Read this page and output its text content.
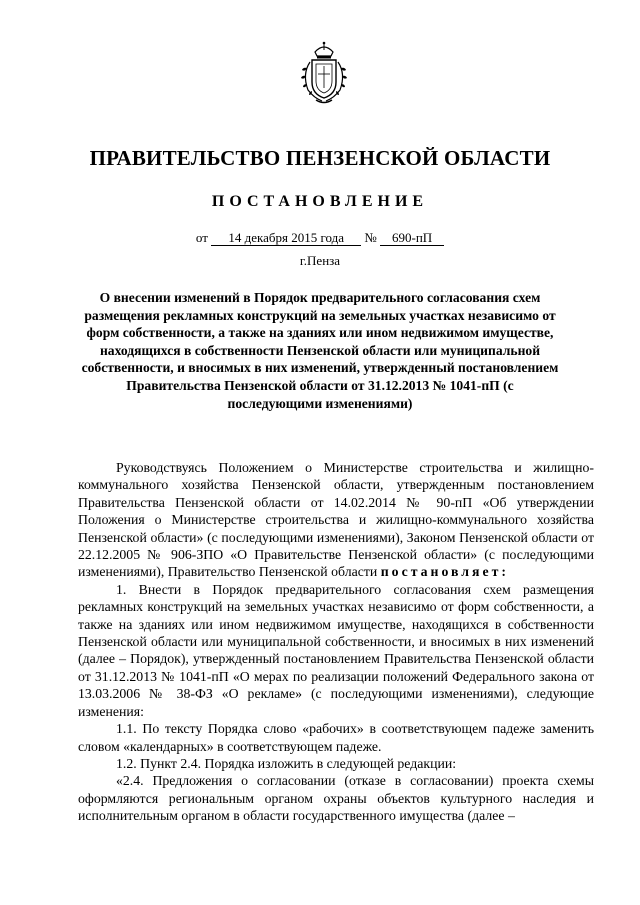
ПРАВИТЕЛЬСТВО ПЕНЗЕНСКОЙ ОБЛАСТИ
ПОСТАНОВЛЕНИЕ
от 14 декабря 2015 года № 690-пП
г.Пенза
О внесении изменений в Порядок предварительного согласования схем размещения рекламных конструкций на земельных участках независимо от форм собственности, а также на зданиях или ином недвижимом имуществе, находящихся в собственности Пензенской области или муниципальной собственности, и вносимых в них изменений, утвержденный постановлением Правительства Пензенской области от 31.12.2013 № 1041-пП (с последующими изменениями)

Руководствуясь Положением о Министерстве строительства и жилищно-коммунального хозяйства Пензенской области, утвержденным постановлением Правительства Пензенской области от 14.02.2014 № 90-пП «Об утверждении Положения о Министерстве строительства и жилищно-коммунального хозяйства Пензенской области» (с последующими изменениями), Законом Пензенской области от 22.12.2005 № 906-ЗПО «О Правительстве Пензенской области» (с последующими изменениями), Правительство Пензенской области постановляет:

1. Внести в Порядок предварительного согласования схем размещения рекламных конструкций на земельных участках независимо от форм собственности, а также на зданиях или ином недвижимом имуществе, находящихся в собственности Пензенской области или муниципальной собственности, и вносимых в них изменений (далее – Порядок), утвержденный постановлением Правительства Пензенской области от 31.12.2013 № 1041-пП «О мерах по реализации положений Федерального закона от 13.03.2006 № 38-ФЗ «О рекламе» (с последующими изменениями), следующие изменения:

1.1. По тексту Порядка слово «рабочих» в соответствующем падеже заменить словом «календарных» в соответствующем падеже.

1.2. Пункт 2.4. Порядка изложить в следующей редакции:

«2.4. Предложения о согласовании (отказе в согласовании) проекта схемы оформляются региональным органом охраны объектов культурного наследия и исполнительным органом в области государственного имущества (далее –
